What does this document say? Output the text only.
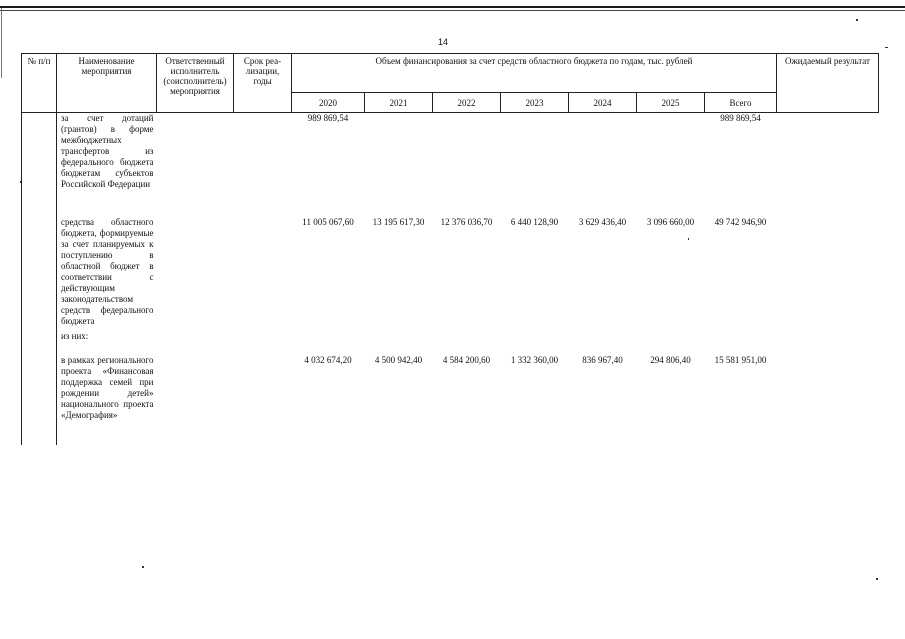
14
№ п/п	Наименование мероприятия	Ответственный исполнитель (соисполнитель) мероприятия	Срок реа-лизации, годы	Объем финансирования за счет средств областного бюджета по годам, тыс. рублей							Ожидаемый результат
				2020	2021	2022	2023	2024	2025	Всего	
	за счет дотаций (грантов) в форме межбюджетных трансфертов из федерального бюджета бюджетам субъектов Российской Федерации			989 869,54						989 869,54	
	средства областного бюджета, формируемые за счет планируемых к поступлению в областной бюджет в соответствии с действующим законодательством средств федерального бюджета			11 005 067,60	13 195 617,30	12 376 036,70	6 440 128,90	3 629 436,40	3 096 660,00	49 742 946,90	
	из них:										
	в рамках регионального проекта «Финансовая поддержка семей при рождении детей» национального проекта «Демография»			4 032 674,20	4 500 942,40	4 584 200,60	1 332 360,00	836 967,40	294 806,40	15 581 951,00	
